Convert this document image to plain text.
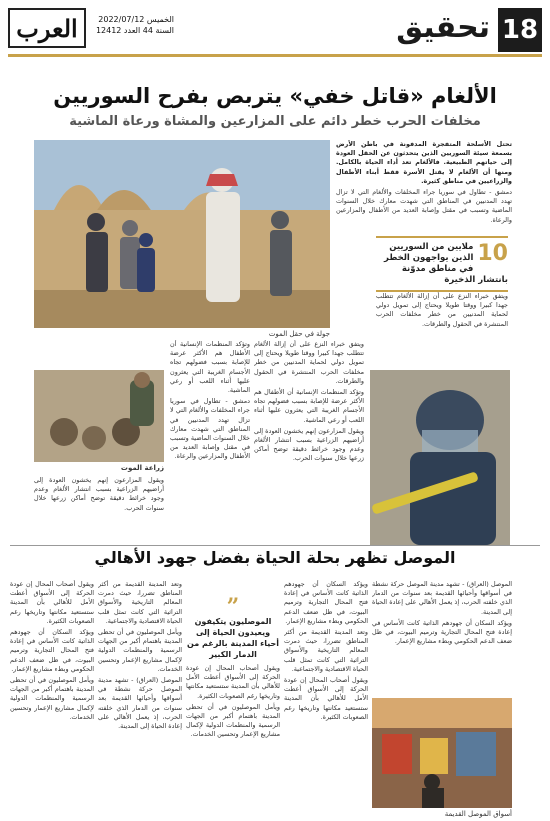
18
تحقيق
العرب	الخميس 2022/07/12
السنة 44 العدد 12412
الألغام «قاتل خفي» يتربص بفرح السوريين
مخلفات الحرب خطر دائم على المزارعين والمشاة ورعاة الماشية
جولة في حقل الموت

تحتل الأسلحة المتفجرة المدفونة في باطن الأرض بسمعة سيئة السوريين الذين يتحدثون عن الحقل العودة إلى حياتهم الطبيعية. فالألغام تعد أداء الحياة بالكامل. ومنها أن الألغام لا يقتل الأسرة فقط أبناء الأطفال والزراعيين في مناطق كثيرة.

دمشق - تطاول في سوريا جراء المخلفات والألغام التي لا تزال تهدد المدنيين في المناطق التي شهدت معارك خلال السنوات الماضية وتسبب في مقتل وإصابة العديد من الأطفال والمزارعين والرعاة.

10
ملايين من السوريين الذين يواجهون الخطر في مناطق مدوّنة بانتشار الذخيرة

ويتفق خبراء النزع على أن إزالة الألغام تتطلب جهدا كبيرا ووقتا طويلا ويحتاج إلى تمويل دولي لحماية المدنيين من خطر مخلفات الحرب المنتشرة في الحقول والطرقات.

ويتفق خبراء النزع على أن إزالة الألغام تتطلب جهدا كبيرا ووقتا طويلا ويحتاج إلى تمويل دولي لحماية المدنيين من خطر مخلفات الحرب المنتشرة في الحقول والطرقات.

وتؤكد المنظمات الإنسانية أن الأطفال هم الأكثر عرضة للإصابة بسبب فضولهم تجاه الأجسام الغريبة التي يعثرون عليها أثناء اللعب أو رعي الماشية.

ويقول المزارعون إنهم يخشون العودة إلى أراضيهم الزراعية بسبب انتشار الألغام وعدم وجود خرائط دقيقة توضح أماكن زرعها خلال سنوات الحرب.

وتؤكد المنظمات الإنسانية أن الأطفال هم الأكثر عرضة للإصابة بسبب فضولهم تجاه الأجسام الغريبة التي يعثرون عليها أثناء اللعب أو رعي الماشية.

دمشق - تطاول في سوريا جراء المخلفات والألغام التي لا تزال تهدد المدنيين في المناطق التي شهدت معارك خلال السنوات الماضية وتسبب في مقتل وإصابة العديد من الأطفال والمزارعين والرعاة.

زراعة الموت

ويقول المزارعون إنهم يخشون العودة إلى أراضيهم الزراعية بسبب انتشار الألغام وعدم وجود خرائط دقيقة توضح أماكن زرعها خلال سنوات الحرب.

الموصل تظهر بحلة الحياة بفضل جهود الأهالي

الموصل (العراق) - تشهد مدينة الموصل حركة نشطة في أسواقها وأحيائها القديمة بعد سنوات من الدمار الذي خلفته الحرب، إذ يعمل الأهالي على إعادة الحياة إلى المدينة.

ويؤكد السكان أن جهودهم الذاتية كانت الأساس في إعادة فتح المحال التجارية وترميم البيوت، في ظل ضعف الدعم الحكومي وبطء مشاريع الإعمار.

ويؤكد السكان أن جهودهم الذاتية كانت الأساس في إعادة فتح المحال التجارية وترميم البيوت، في ظل ضعف الدعم الحكومي وبطء مشاريع الإعمار.

وتعد المدينة القديمة من أكثر المناطق تضررا، حيث دمرت المعالم التاريخية والأسواق التراثية التي كانت تمثل قلب الحياة الاقتصادية والاجتماعية.

ويقول أصحاب المحال إن عودة الحركة إلى الأسواق أعطت الأمل للأهالي بأن المدينة ستستعيد مكانتها وتاريخها رغم الصعوبات الكثيرة.

”
الموصليون يتكيفون ويعيدون الحياة إلى أحياء المدينة بالرغم من الدمار الكبير

ويقول أصحاب المحال إن عودة الحركة إلى الأسواق أعطت الأمل للأهالي بأن المدينة ستستعيد مكانتها وتاريخها رغم الصعوبات الكثيرة.

ويأمل الموصليون في أن تحظى المدينة باهتمام أكبر من الجهات الرسمية والمنظمات الدولية لإكمال مشاريع الإعمار وتحسين الخدمات.

وتعد المدينة القديمة من أكثر المناطق تضررا، حيث دمرت المعالم التاريخية والأسواق التراثية التي كانت تمثل قلب الحياة الاقتصادية والاجتماعية.

ويأمل الموصليون في أن تحظى المدينة باهتمام أكبر من الجهات الرسمية والمنظمات الدولية لإكمال مشاريع الإعمار وتحسين الخدمات.

الموصل (العراق) - تشهد مدينة الموصل حركة نشطة في أسواقها وأحيائها القديمة بعد سنوات من الدمار الذي خلفته الحرب، إذ يعمل الأهالي على إعادة الحياة إلى المدينة.

ويقول أصحاب المحال إن عودة الحركة إلى الأسواق أعطت الأمل للأهالي بأن المدينة ستستعيد مكانتها وتاريخها رغم الصعوبات الكثيرة.

ويؤكد السكان أن جهودهم الذاتية كانت الأساس في إعادة فتح المحال التجارية وترميم البيوت، في ظل ضعف الدعم الحكومي وبطء مشاريع الإعمار.

ويأمل الموصليون في أن تحظى المدينة باهتمام أكبر من الجهات الرسمية والمنظمات الدولية لإكمال مشاريع الإعمار وتحسين الخدمات.

أسواق الموصل القديمة
